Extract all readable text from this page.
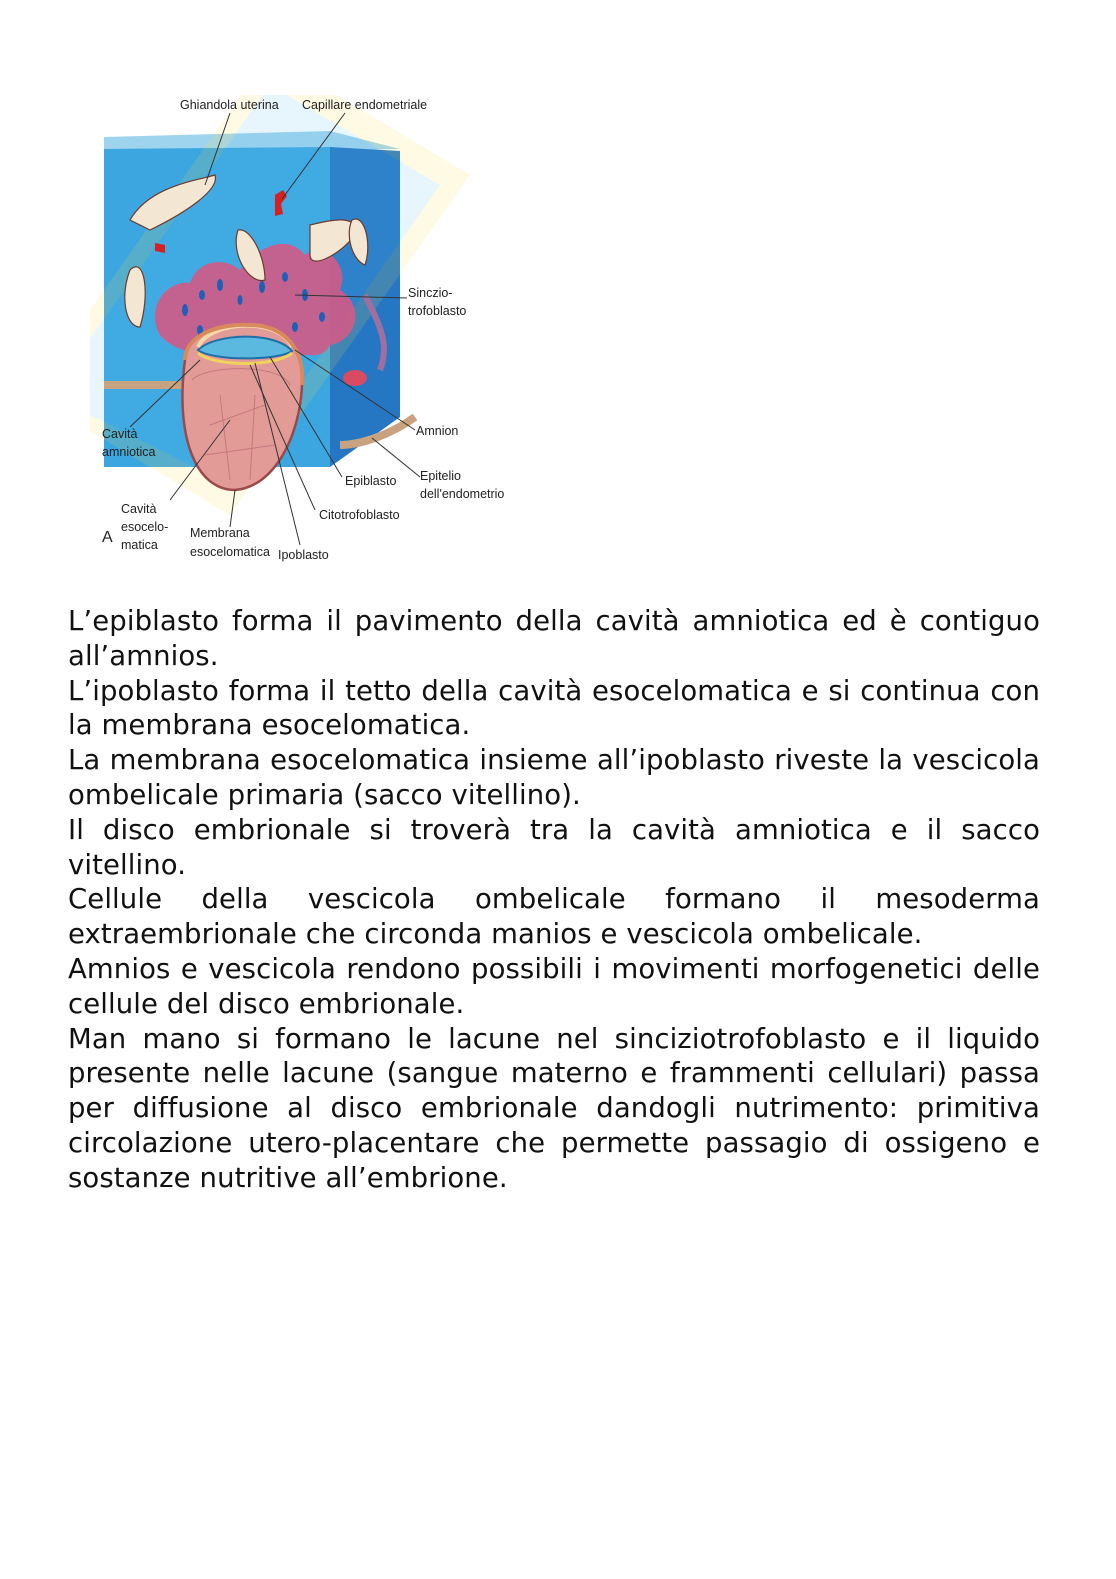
Ghiandola uterina Capillare endometriale
Sinczio-
trofoblasto
Amnion
Cavità
amniotica
Epiblasto Epitelio
dell'endometrio
Cavità
esocelo-
matica
A
Citotrofoblasto
Membrana
esocelomatica Ipoblasto

L’epiblasto forma il pavimento della cavità amniotica ed è contiguo all’amnios.

L’ipoblasto forma il tetto della cavità esocelomatica e si continua con la membrana esocelomatica.

La membrana esocelomatica insieme all’ipoblasto riveste la vescicola ombelicale primaria (sacco vitellino).

Il disco embrionale si troverà tra la cavità amniotica e il sacco vitellino.

Cellule della vescicola ombelicale formano il mesoderma extraembrionale che circonda manios e vescicola ombelicale.

Amnios e vescicola rendono possibili i movimenti morfogenetici delle cellule del disco embrionale.

Man mano si formano le lacune nel sinciziotrofoblasto e il liquido presente nelle lacune (sangue materno e frammenti cellulari) passa per diffusione al disco embrionale dandogli nutrimento: primitiva circolazione utero-placentare che permette passagio di ossigeno e sostanze nutritive all’embrione.
